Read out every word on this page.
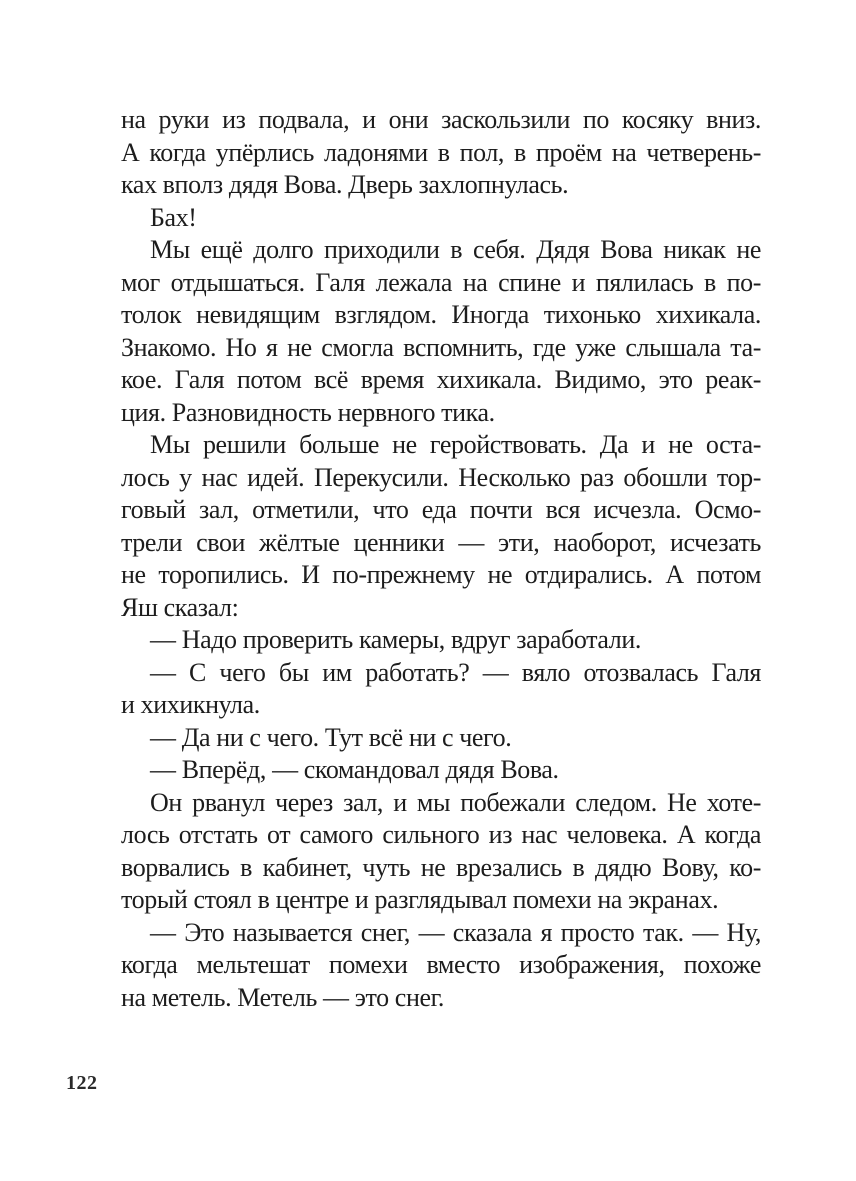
на руки из подвала, и они заскользили по косяку вниз.
А когда упёрлись ладонями в пол, в проём на четверень-
ках вполз дядя Вова. Дверь захлопнулась.
Бах!
Мы ещё долго приходили в себя. Дядя Вова никак не
мог отдышаться. Галя лежала на спине и пялилась в по-
толок невидящим взглядом. Иногда тихонько хихикала.
Знакомо. Но я не смогла вспомнить, где уже слышала та-
кое. Галя потом всё время хихикала. Видимо, это реак-
ция. Разновидность нервного тика.
Мы решили больше не геройствовать. Да и не оста-
лось у нас идей. Перекусили. Несколько раз обошли тор-
говый зал, отметили, что еда почти вся исчезла. Осмо-
трели свои жёлтые ценники — эти, наоборот, исчезать
не торопились. И по-прежнему не отдирались. А потом
Яш сказал:
— Надо проверить камеры, вдруг заработали.
— С чего бы им работать? — вяло отозвалась Галя
и хихикнула.
— Да ни с чего. Тут всё ни с чего.
— Вперёд, — скомандовал дядя Вова.
Он рванул через зал, и мы побежали следом. Не хоте-
лось отстать от самого сильного из нас человека. А когда
ворвались в кабинет, чуть не врезались в дядю Вову, ко-
торый стоял в центре и разглядывал помехи на экранах.
— Это называется снег, — сказала я просто так. — Ну,
когда мельтешат помехи вместо изображения, похоже
на метель. Метель — это снег.
122
